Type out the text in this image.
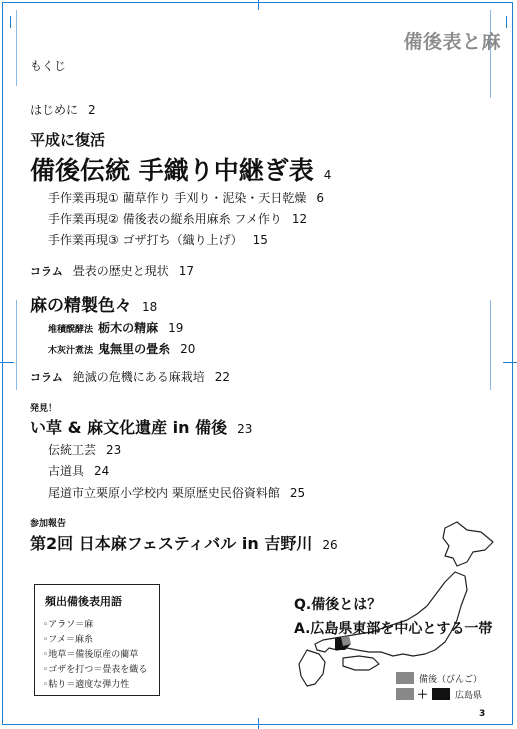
備後表と麻
もくじ
はじめに 2
平成に復活
備後伝統 手織り中継ぎ表 4
手作業再現① 藺草作り 手刈り・泥染・天日乾燥 6
手作業再現② 備後表の縦糸用麻糸 フメ作り 12
手作業再現③ ゴザ打ち（織り上げ） 15
コラム 畳表の歴史と現状 17
麻の精製色々 18
堆積醗酵法 栃木の精麻 19
木灰汁煮法 鬼無里の畳糸 20
コラム 絶滅の危機にある麻栽培 22
発見！
い草 & 麻文化遺産 in 備後 23
伝統工芸 23
古道具 24
尾道市立栗原小学校内 栗原歴史民俗資料館 25
参加報告
第2回 日本麻フェスティバル in 吉野川 26
頻出備後表用語
◦アラソ＝麻
◦フメ＝麻糸
◦地草＝備後原産の藺草
◦ゴザを打つ＝畳表を織る
◦粘り＝適度な弾力性
Q.備後とは？
A.広島県東部を中心とする一帯
備後（びんご）
＋	広島県
3
